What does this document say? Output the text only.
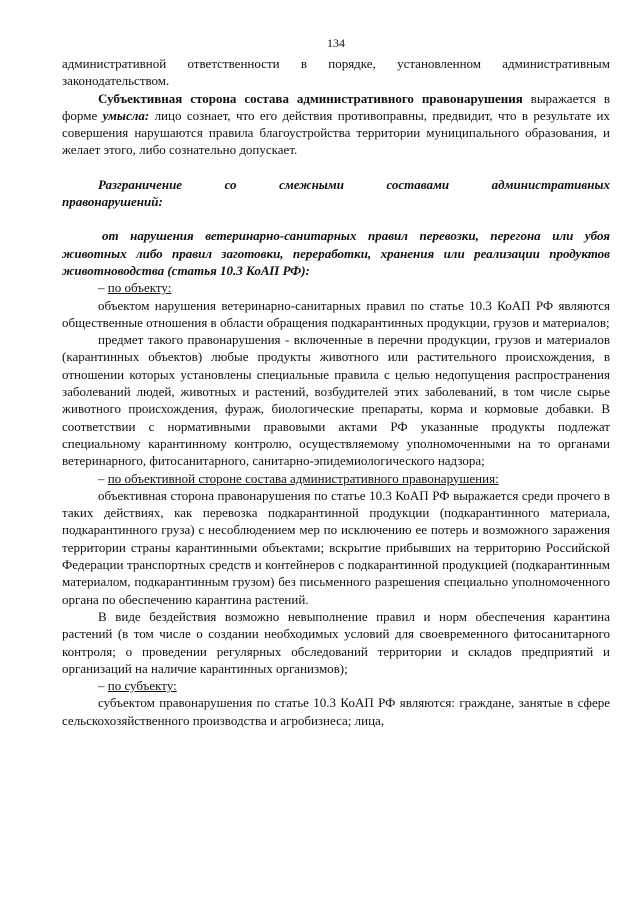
134

административной ответственности в порядке, установленном административным законодательством.

Субъективная сторона состава административного правонарушения выражается в форме умысла: лицо сознает, что его действия противоправны, предвидит, что в результате их совершения нарушаются правила благоустройства территории муниципального образования, и желает этого, либо сознательно допускает.

Разграничение	со	смежными	составами	административных

правонарушений:

от нарушения ветеринарно-санитарных правил перевозки, перегона или убоя животных либо правил заготовки, переработки, хранения или реализации продуктов животноводства (статья 10.3 КоАП РФ):

– по объекту:

объектом нарушения ветеринарно-санитарных правил по статье 10.3 КоАП РФ являются общественные отношения в области обращения подкарантинных продукции, грузов и материалов;

предмет такого правонарушения - включенные в перечни продукции, грузов и материалов (карантинных объектов) любые продукты животного или растительного происхождения, в отношении которых установлены специальные правила с целью недопущения распространения заболеваний людей, животных и растений, возбудителей этих заболеваний, в том числе сырье животного происхождения, фураж, биологические препараты, корма и кормовые добавки. В соответствии с нормативными правовыми актами РФ указанные продукты подлежат специальному карантинному контролю, осуществляемому уполномоченными на то органами ветеринарного, фитосанитарного, санитарно-эпидемиологического надзора;

– по объективной стороне состава административного правонарушения:

объективная сторона правонарушения по статье 10.3 КоАП РФ выражается среди прочего в таких действиях, как перевозка подкарантинной продукции (подкарантинного материала, подкарантинного груза) с несоблюдением мер по исключению ее потерь и возможного заражения территории страны карантинными объектами; вскрытие прибывших на территорию Российской Федерации транспортных средств и контейнеров с подкарантинной продукцией (подкарантинным материалом, подкарантинным грузом) без письменного разрешения специально уполномоченного органа по обеспечению карантина растений.

В виде бездействия возможно невыполнение правил и норм обеспечения карантина растений (в том числе о создании необходимых условий для своевременного фитосанитарного контроля; о проведении регулярных обследований территории и складов предприятий и организаций на наличие карантинных организмов);

– по субъекту:

субъектом правонарушения по статье 10.3 КоАП РФ являются: граждане, занятые в сфере сельскохозяйственного производства и агробизнеса; лица,
